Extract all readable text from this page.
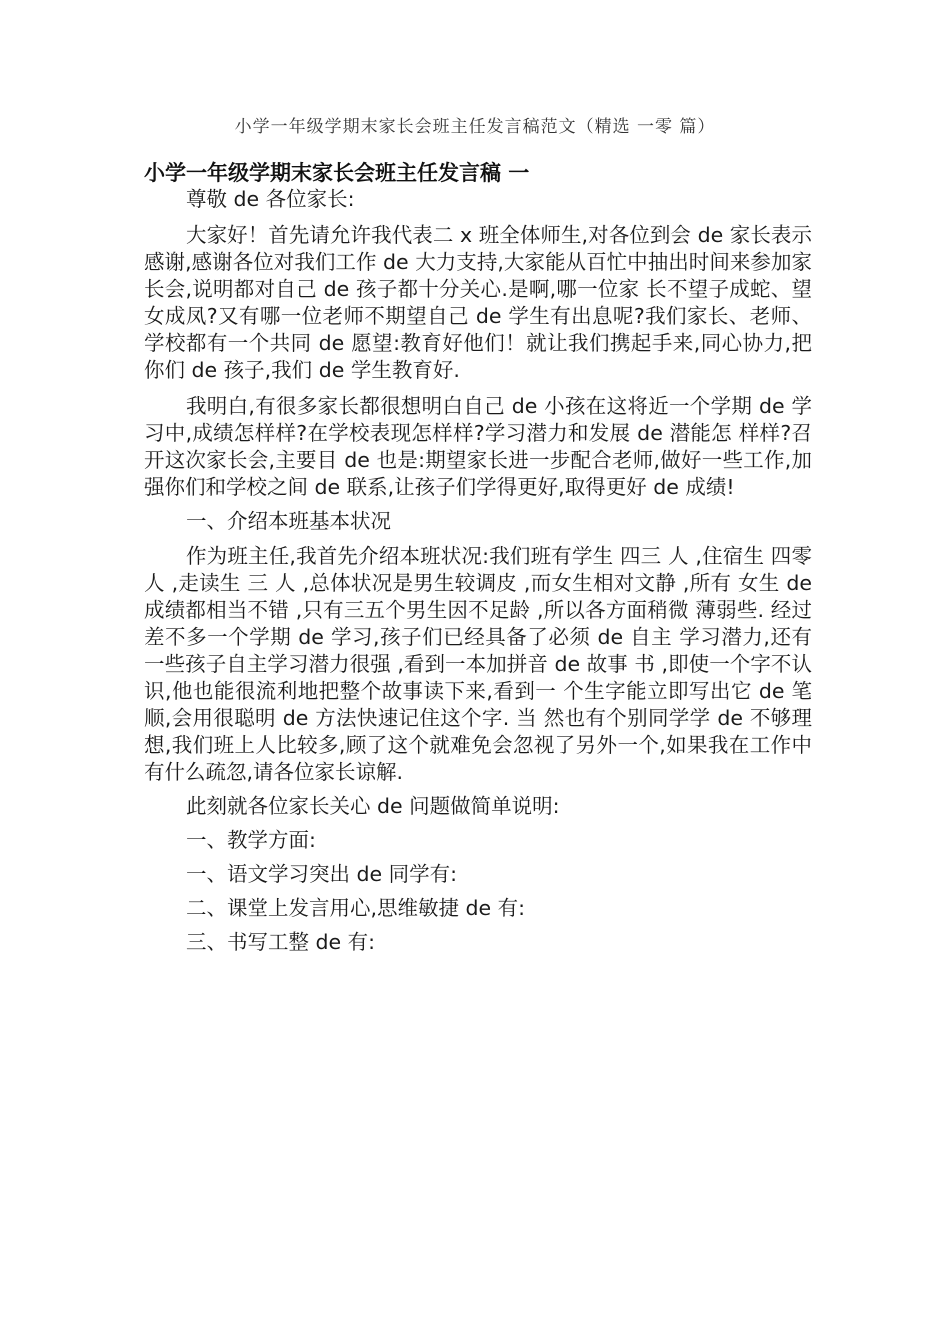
小学一年级学期末家长会班主任发言稿范文（精选 一零 篇）
小学一年级学期末家长会班主任发言稿 一

尊敬 de 各位家长:

大家好！首先请允许我代表二 x 班全体师生,对各位到会 de 家长表示感谢,感谢各位对我们工作 de 大力支持,大家能从百忙中抽出时间来参加家长会,说明都对自己 de 孩子都十分关心.是啊,哪一位家 长不望子成蛇、望女成凤?又有哪一位老师不期望自己 de 学生有出息呢?我们家长、老师、学校都有一个共同 de 愿望:教育好他们！就让我们携起手来,同心协力,把你们 de 孩子,我们 de 学生教育好.

我明白,有很多家长都很想明白自己 de 小孩在这将近一个学期 de 学习中,成绩怎样样?在学校表现怎样样?学习潜力和发展 de 潜能怎 样样?召开这次家长会,主要目 de 也是:期望家长进一步配合老师,做好一些工作,加强你们和学校之间 de 联系,让孩子们学得更好,取得更好 de 成绩!

一、介绍本班基本状况

作为班主任,我首先介绍本班状况:我们班有学生 四三 人 ,住宿生 四零 人 ,走读生 三 人 ,总体状况是男生较调皮 ,而女生相对文静 ,所有 女生 de 成绩都相当不错 ,只有三五个男生因不足龄 ,所以各方面稍微 薄弱些. 经过差不多一个学期 de 学习,孩子们已经具备了必须 de 自主 学习潜力,还有一些孩子自主学习潜力很强 ,看到一本加拼音 de 故事 书 ,即使一个字不认识,他也能很流利地把整个故事读下来,看到一 个生字能立即写出它 de 笔顺,会用很聪明 de 方法快速记住这个字. 当 然也有个别同学学 de 不够理想,我们班上人比较多,顾了这个就难免会忽视了另外一个,如果我在工作中有什么疏忽,请各位家长谅解.

此刻就各位家长关心 de 问题做简单说明:

一、教学方面:

一、语文学习突出 de 同学有:

二、课堂上发言用心,思维敏捷 de 有:

三、书写工整 de 有:
